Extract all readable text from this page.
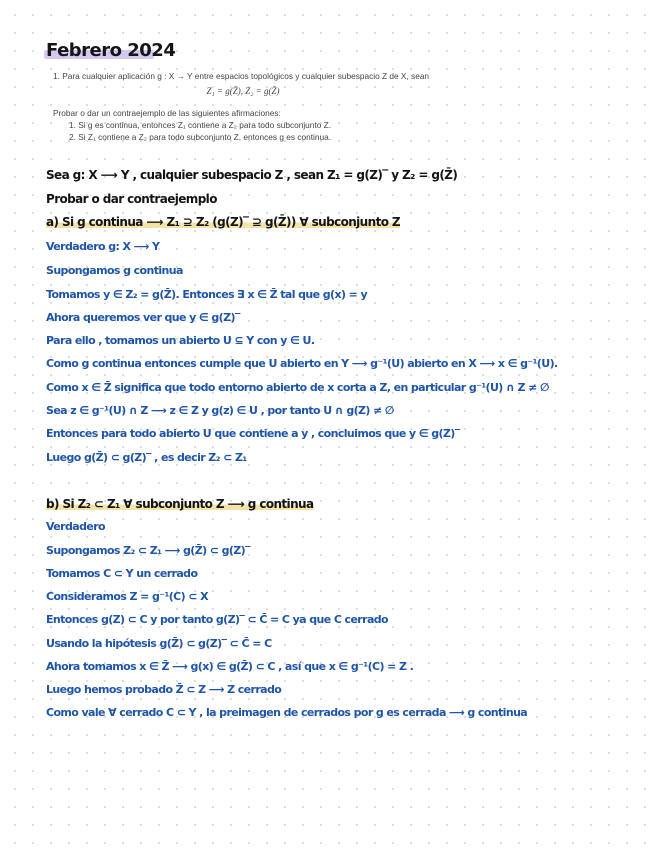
Febrero 2024
1. Para cualquier aplicación g : X → Y entre espacios topológicos y cualquier subespacio Z de X, sean
Z₁ = g(Z̄), Z₂ = g(Z̄)
Probar o dar un contraejemplo de las siguientes afirmaciones:
1. Si g es continua, entonces Z₁ contiene a Z₂ para todo subconjunto Z.
2. Si Z₁ contiene a Z₂ para todo subconjunto Z, entonces g es continua.
Sea g: X ⟶ Y , cualquier subespacio Z , sean Z₁ = g(Z)‾ y Z₂ = g(Z̄)
Probar o dar contraejemplo
a) Si g continua ⟶ Z₁ ⊇ Z₂ (g(Z)‾ ⊇ g(Z̄)) ∀ subconjunto Z
Verdadero g: X ⟶ Y
Supongamos g continua
Tomamos y ∈ Z₂ = g(Z̄). Entonces ∃ x ∈ Z̄ tal que g(x) = y
Ahora queremos ver que y ∈ g(Z)‾
Para ello , tomamos un abierto U ⊆ Y con y ∈ U.
Como g continua entonces cumple que U abierto en Y ⟶ g⁻¹(U) abierto en X ⟶ x ∈ g⁻¹(U).
Como x ∈ Z̄ significa que todo entorno abierto de x corta a Z, en particular g⁻¹(U) ∩ Z ≠ ∅
Sea z ∈ g⁻¹(U) ∩ Z ⟶ z ∈ Z y g(z) ∈ U , por tanto U ∩ g(Z) ≠ ∅
Entonces para todo abierto U que contiene a y , concluimos que y ∈ g(Z)‾
Luego g(Z̄) ⊂ g(Z)‾ , es decir Z₂ ⊂ Z₁
b) Si Z₂ ⊂ Z₁ ∀ subconjunto Z ⟶ g continua
Verdadero
Supongamos Z₂ ⊂ Z₁ ⟶ g(Z̄) ⊂ g(Z)‾
Tomamos C ⊂ Y un cerrado
Consideramos Z = g⁻¹(C) ⊂ X
Entonces g(Z) ⊂ C y por tanto g(Z)‾ ⊂ C̄ = C ya que C cerrado
Usando la hipótesis g(Z̄) ⊂ g(Z)‾ ⊂ C̄ = C
Ahora tomamos x ∈ Z̄ ⟶ g(x) ∈ g(Z̄) ⊂ C , así que x ∈ g⁻¹(C) = Z .
Luego hemos probado Z̄ ⊂ Z ⟶ Z cerrado
Como vale ∀ cerrado C ⊂ Y , la preimagen de cerrados por g es cerrada ⟶ g continua
